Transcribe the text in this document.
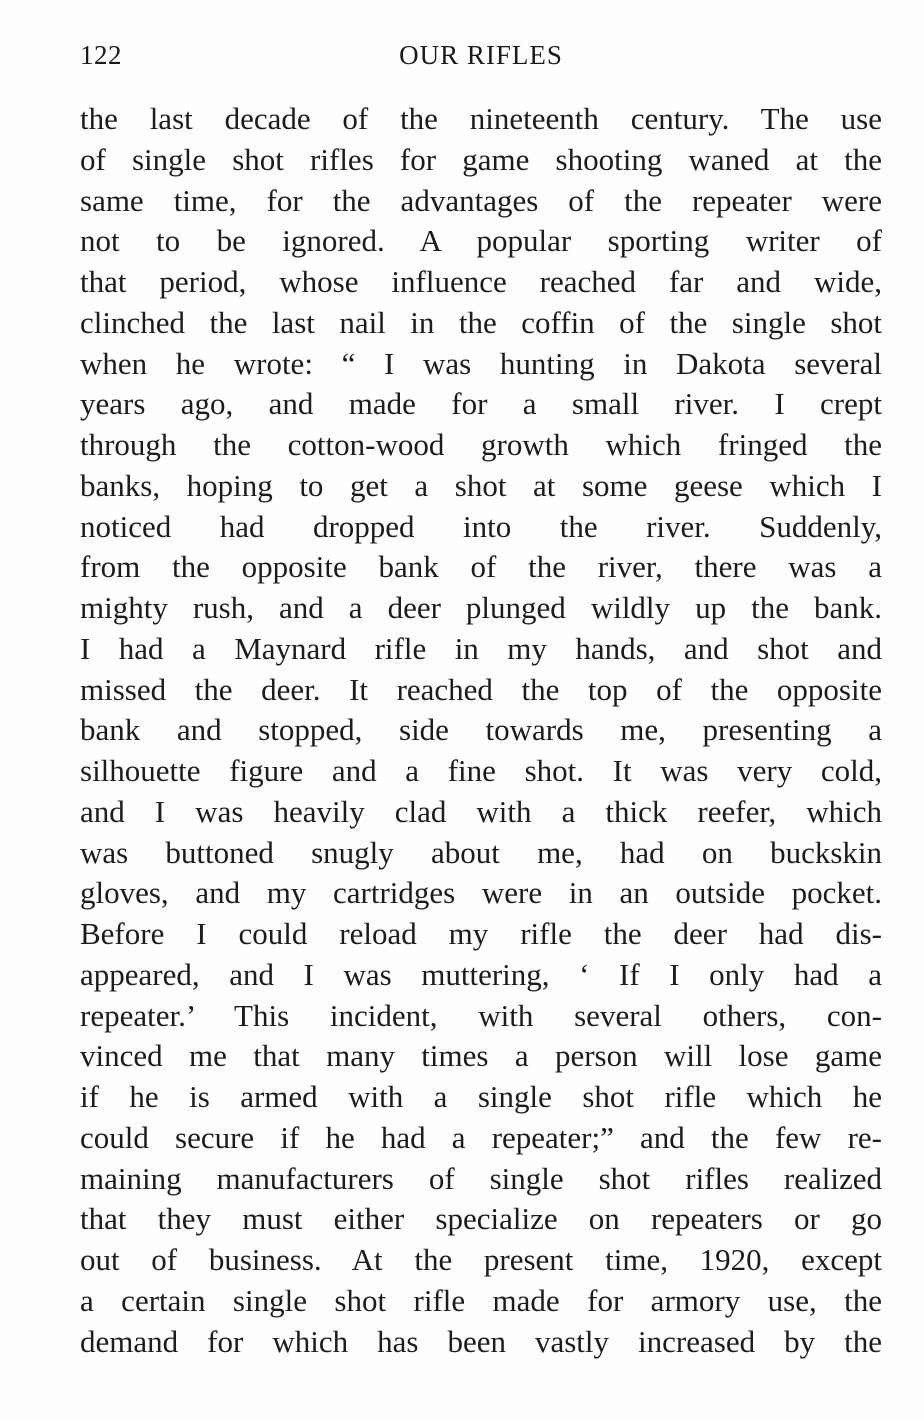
122	OUR RIFLES
the last decade of the nineteenth century. The use
of single shot rifles for game shooting waned at the
same time, for the advantages of the repeater were
not to be ignored. A popular sporting writer of
that period, whose influence reached far and wide,
clinched the last nail in the coffin of the single shot
when he wrote: “ I was hunting in Dakota several
years ago, and made for a small river. I crept
through the cotton-wood growth which fringed the
banks, hoping to get a shot at some geese which I
noticed had dropped into the river. Suddenly,
from the opposite bank of the river, there was a
mighty rush, and a deer plunged wildly up the bank.
I had a Maynard rifle in my hands, and shot and
missed the deer. It reached the top of the opposite
bank and stopped, side towards me, presenting a
silhouette figure and a fine shot. It was very cold,
and I was heavily clad with a thick reefer, which
was buttoned snugly about me, had on buckskin
gloves, and my cartridges were in an outside pocket.
Before I could reload my rifle the deer had dis-
appeared, and I was muttering, ‘ If I only had a
repeater.’ This incident, with several others, con-
vinced me that many times a person will lose game
if he is armed with a single shot rifle which he
could secure if he had a repeater;” and the few re-
maining manufacturers of single shot rifles realized
that they must either specialize on repeaters or go
out of business. At the present time, 1920, except
a certain single shot rifle made for armory use, the
demand for which has been vastly increased by the
